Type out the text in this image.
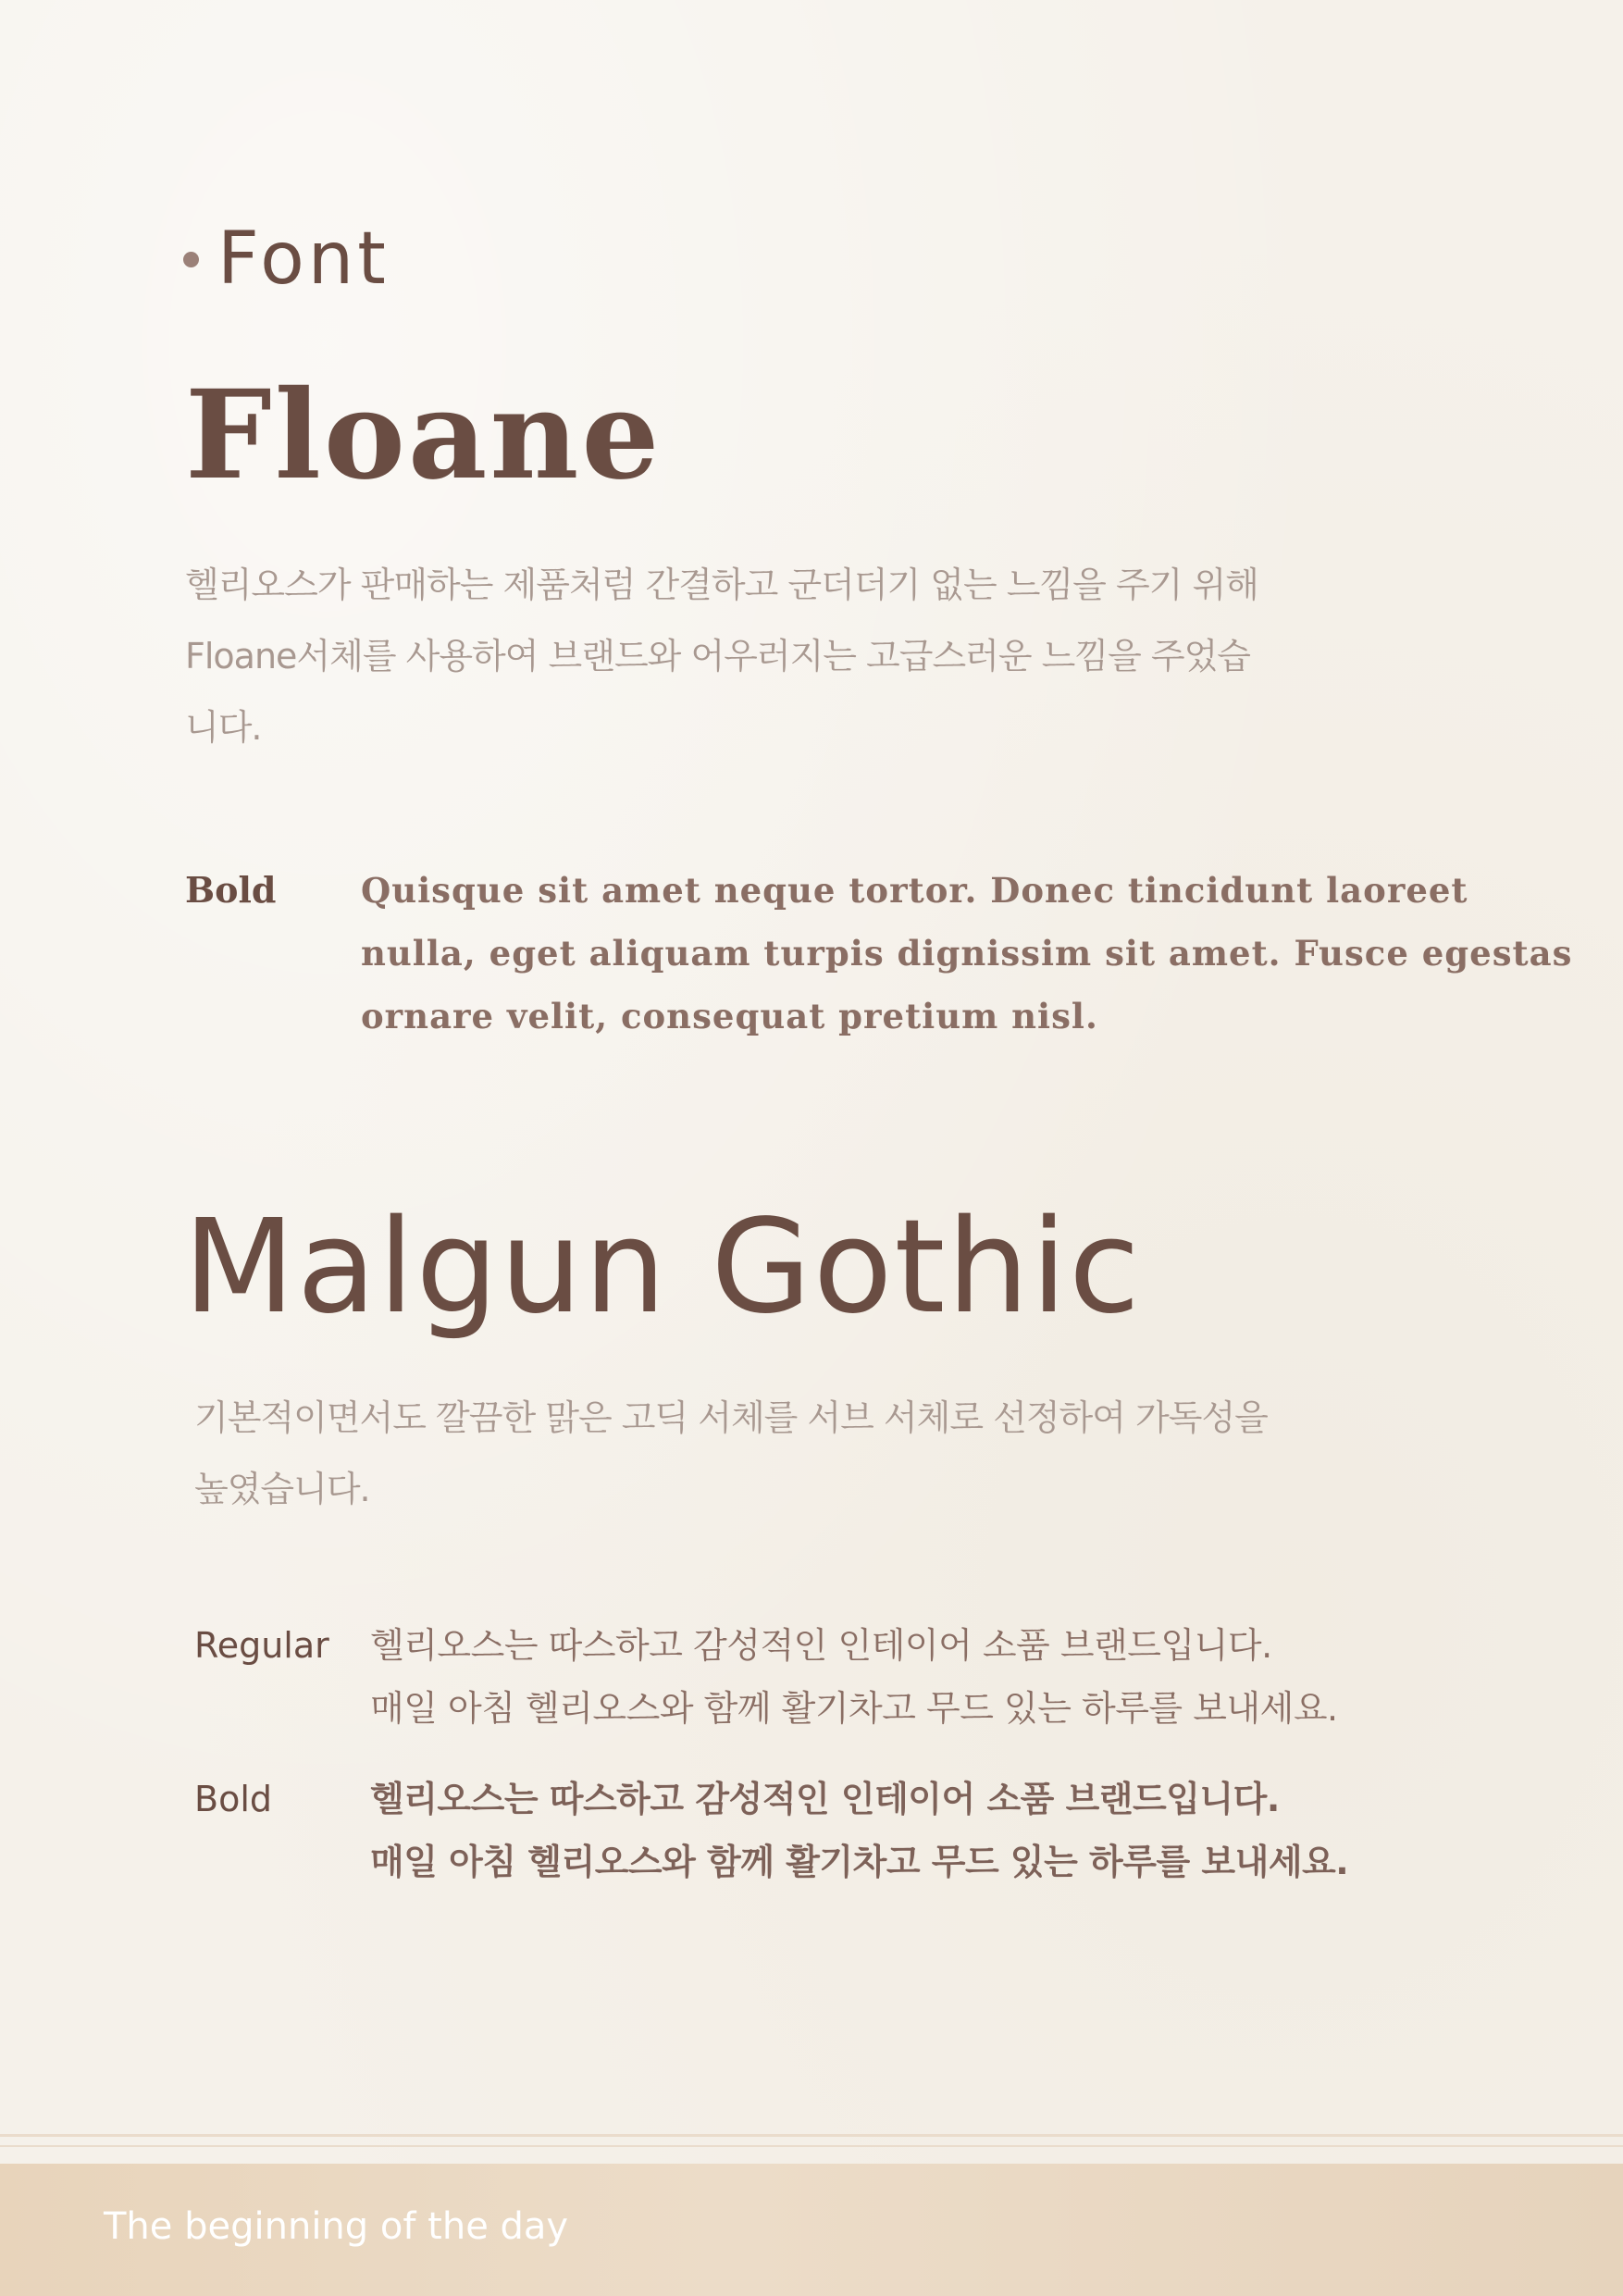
Font
Floane
헬리오스가 판매하는 제품처럼 간결하고 군더더기 없는 느낌을 주기 위해
Floane서체를 사용하여 브랜드와 어우러지는 고급스러운 느낌을 주었습
니다.
Bold	Quisque sit amet neque tortor. Donec tincidunt laoreet
nulla, eget aliquam turpis dignissim sit amet. Fusce egestas
ornare velit, consequat pretium nisl.
Malgun Gothic
기본적이면서도 깔끔한 맑은 고딕 서체를 서브 서체로 선정하여 가독성을
높였습니다.
Regular	헬리오스는 따스하고 감성적인 인테이어 소품 브랜드입니다.
매일 아침 헬리오스와 함께 활기차고 무드 있는 하루를 보내세요.
Bold	헬리오스는 따스하고 감성적인 인테이어 소품 브랜드입니다.
매일 아침 헬리오스와 함께 활기차고 무드 있는 하루를 보내세요.
The beginning of the day
